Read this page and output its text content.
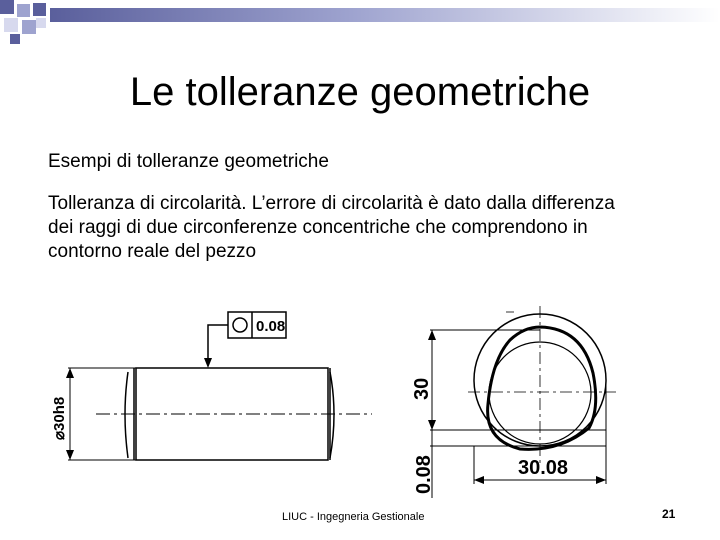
Le tolleranze geometriche
Esempi di tolleranze geometriche
Tolleranza di circolarità. L’errore di circolarità è dato dalla differenza dei raggi di due circonferenze concentriche che comprendono in contorno reale del pezzo
0.08
⌀30h8
30
0.08	30.08
LIUC - Ingegneria Gestionale	21
